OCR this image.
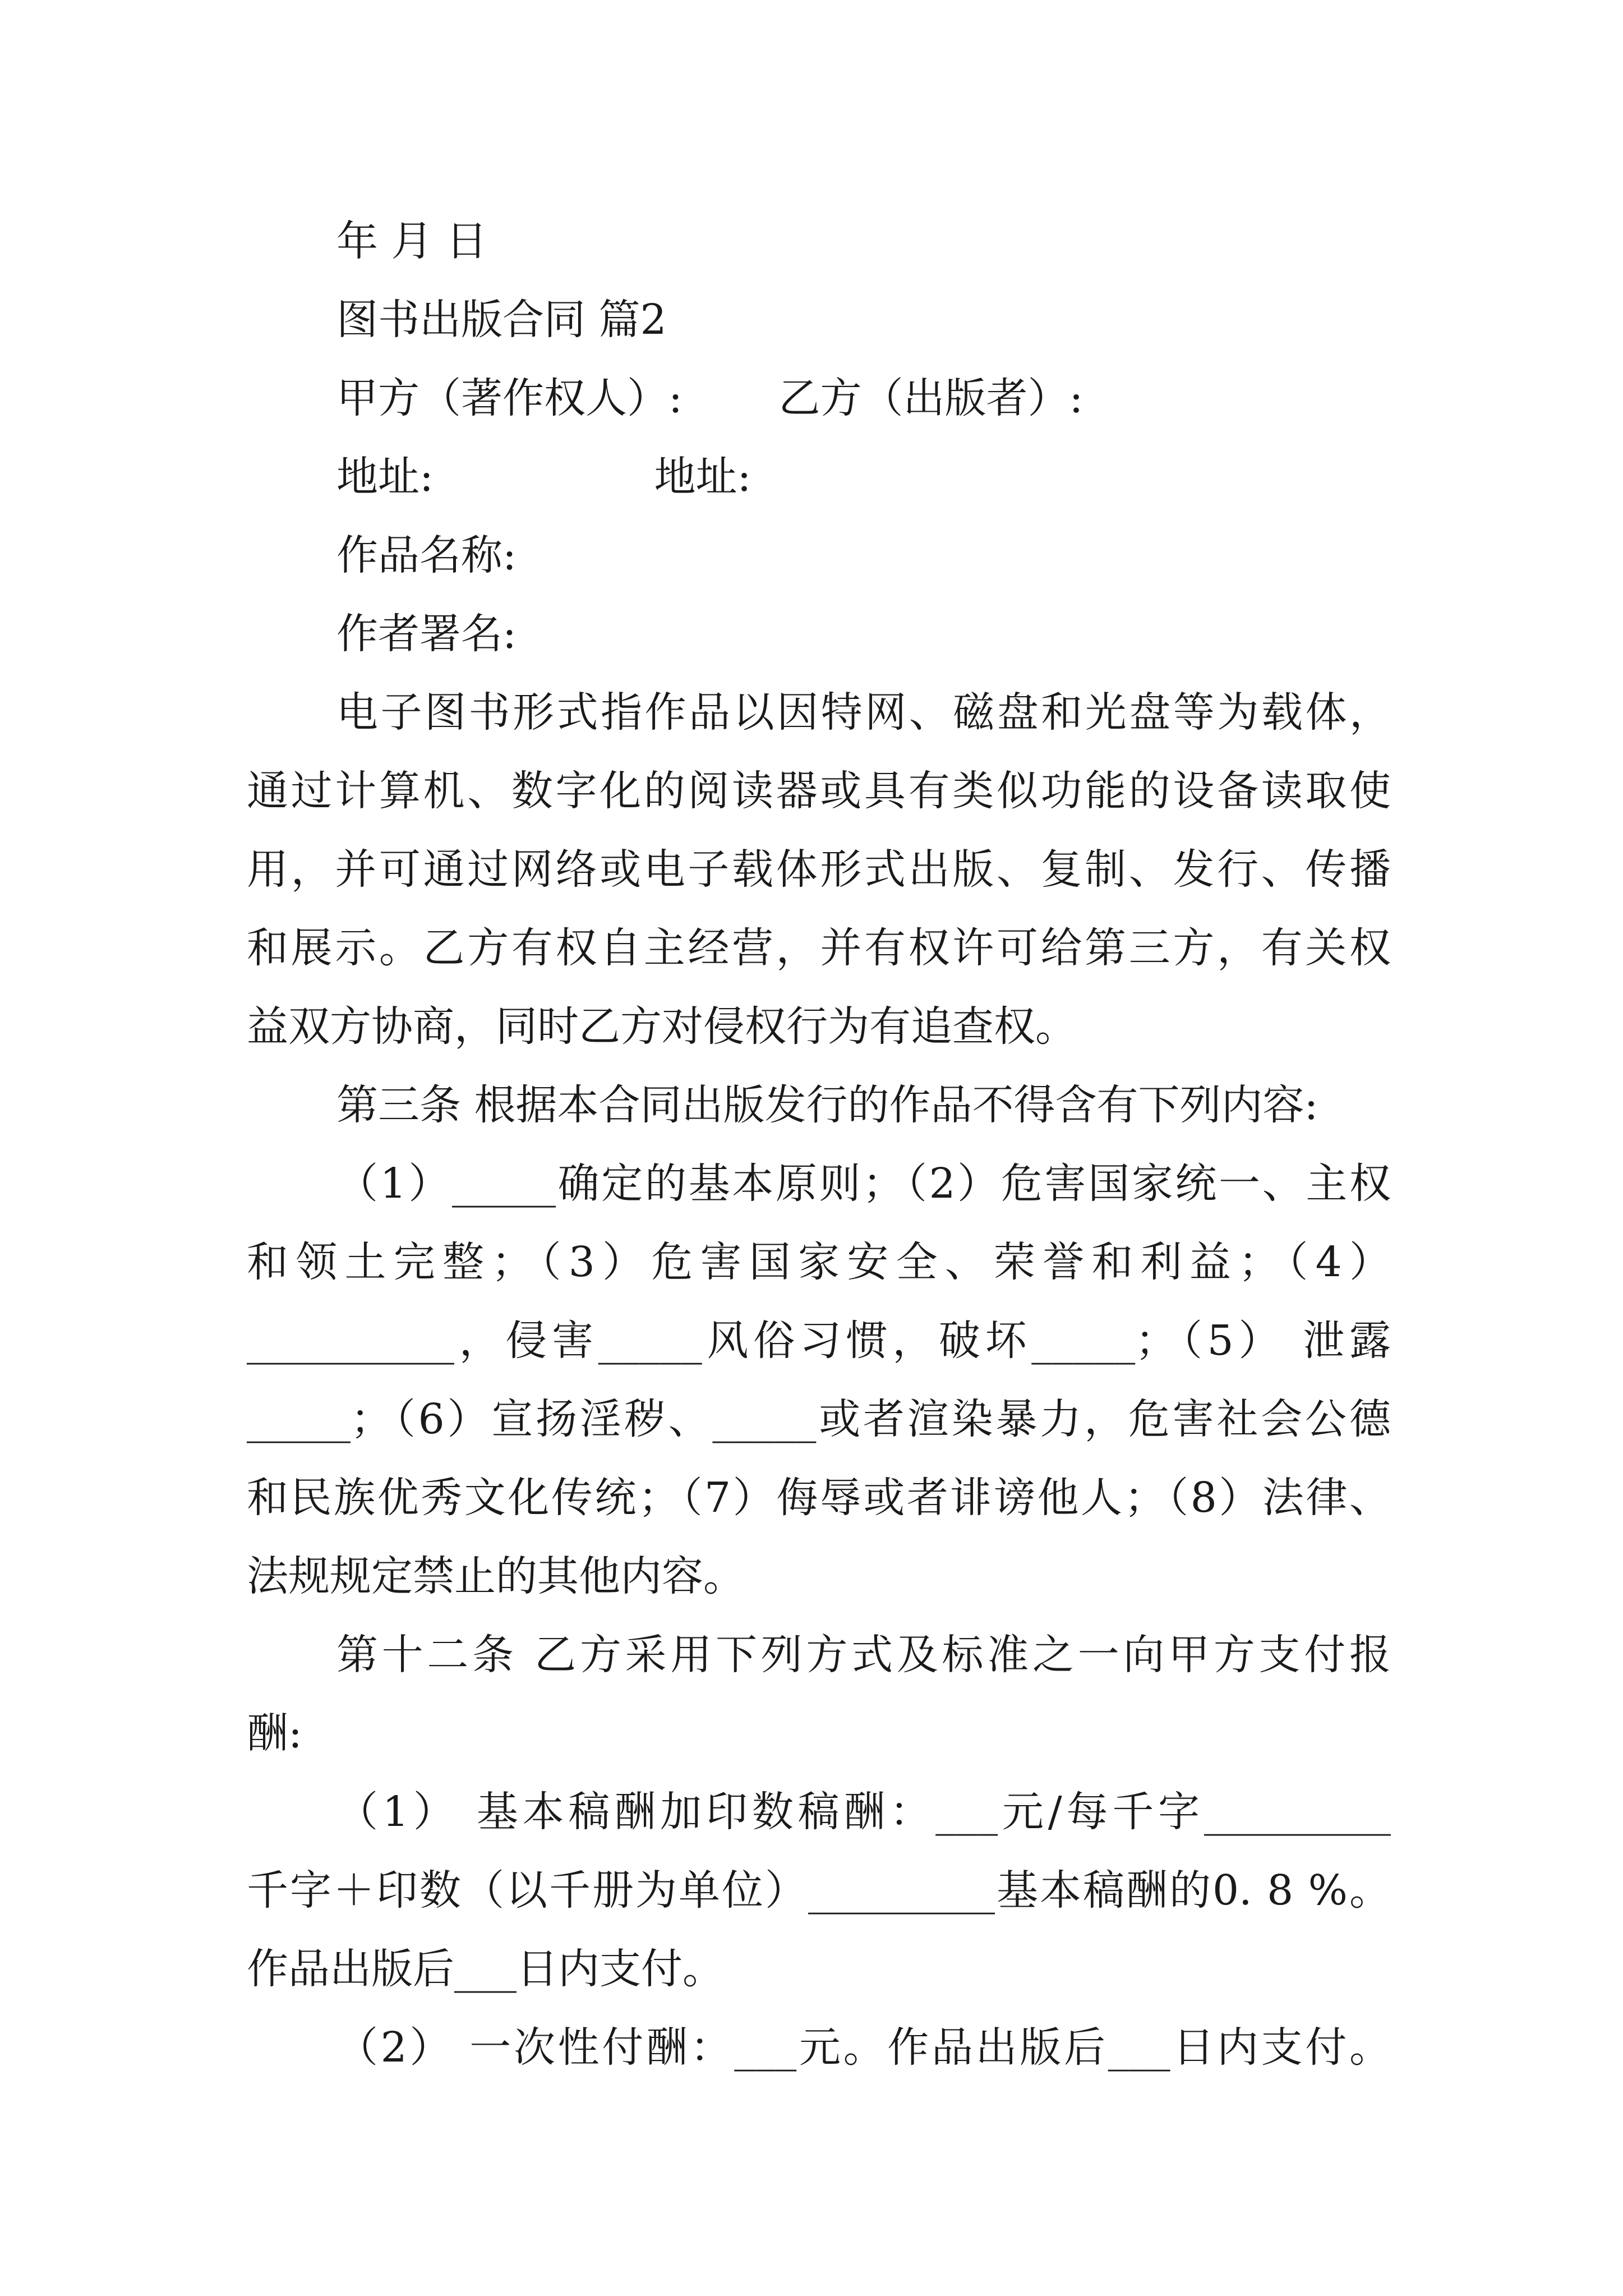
年 月 日
图书出版合同 篇2
甲方（著作权人）:　　 乙方（出版者）:
地址:　　　　　 地址:
作品名称:
作者署名:
电子图书形式指作品以因特网、磁盘和光盘等为载体，
通过计算机、数字化的阅读器或具有类似功能的设备读取使
用，并可通过网络或电子载体形式出版、复制、发行、传播
和展示。乙方有权自主经营，并有权许可给第三方，有关权
益双方协商，同时乙方对侵权行为有追查权。
第三条 根据本合同出版发行的作品不得含有下列内容:
（1）_____确定的基本原则；（2）危害国家统一、主权
和领土完整；（3）危害国家安全、荣誉和利益；（4）
__________，侵害_____风俗习惯，破坏_____；（5） 泄露
_____；（6）宣扬淫秽、_____或者渲染暴力，危害社会公德
和民族优秀文化传统；（7）侮辱或者诽谤他人；（8）法律、
法规规定禁止的其他内容。
第十二条 乙方采用下列方式及标准之一向甲方支付报
酬:
（1） 基本稿酬加印数稿酬：___元/每千字_________
千字＋印数（以千册为单位）_________基本稿酬的0. 8 %。
作品出版后___日内支付。
（2） 一次性付酬：___元。作品出版后___日内支付。
